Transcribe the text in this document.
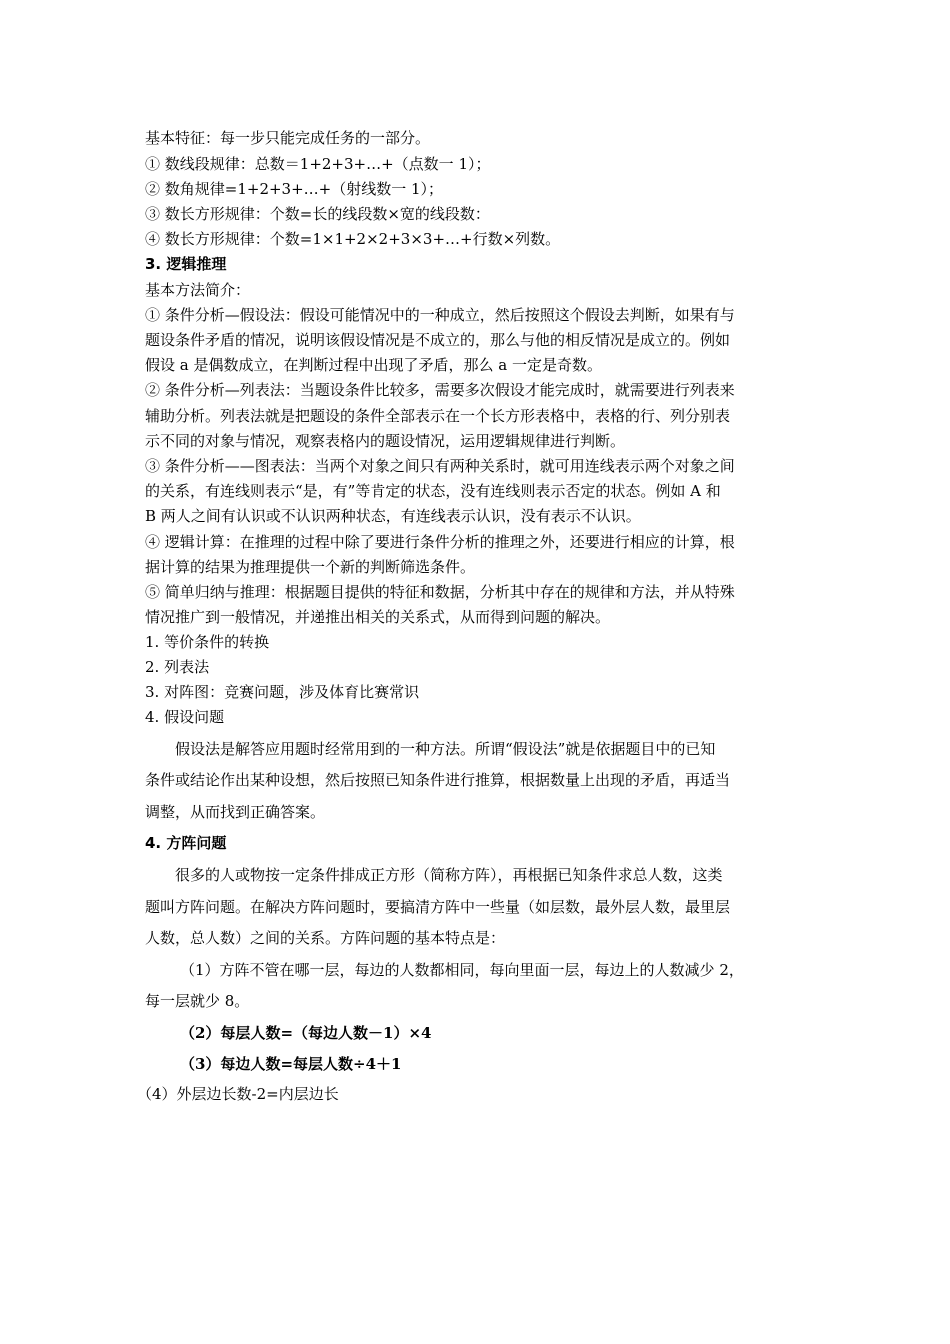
基本特征：每一步只能完成任务的一部分。
① 数线段规律：总数＝1+2+3+…+（点数一 1）；
② 数角规律=1+2+3+…+（射线数一 1）；
③ 数长方形规律：个数=长的线段数×宽的线段数：
④ 数长方形规律：个数=1×1+2×2+3×3+…+行数×列数。
3. 逻辑推理
基本方法简介：
① 条件分析—假设法：假设可能情况中的一种成立，然后按照这个假设去判断，如果有与
题设条件矛盾的情况，说明该假设情况是不成立的，那么与他的相反情况是成立的。例如
假设 a 是偶数成立，在判断过程中出现了矛盾，那么 a 一定是奇数。
② 条件分析—列表法：当题设条件比较多，需要多次假设才能完成时，就需要进行列表来
辅助分析。列表法就是把题设的条件全部表示在一个长方形表格中，表格的行、列分别表
示不同的对象与情况，观察表格内的题设情况，运用逻辑规律进行判断。
③ 条件分析——图表法：当两个对象之间只有两种关系时，就可用连线表示两个对象之间
的关系，有连线则表示“是，有”等肯定的状态，没有连线则表示否定的状态。例如 A 和
B 两人之间有认识或不认识两种状态，有连线表示认识，没有表示不认识。
④ 逻辑计算：在推理的过程中除了要进行条件分析的推理之外，还要进行相应的计算，根
据计算的结果为推理提供一个新的判断筛选条件。
⑤ 简单归纳与推理：根据题目提供的特征和数据，分析其中存在的规律和方法，并从特殊
情况推广到一般情况，并递推出相关的关系式，从而得到问题的解决。
1. 等价条件的转换
2. 列表法
3. 对阵图：竞赛问题，涉及体育比赛常识
4. 假设问题
假设法是解答应用题时经常用到的一种方法。所谓“假设法”就是依据题目中的已知
条件或结论作出某种设想，然后按照已知条件进行推算，根据数量上出现的矛盾，再适当
调整，从而找到正确答案。
4. 方阵问题
很多的人或物按一定条件排成正方形（简称方阵），再根据已知条件求总人数，这类
题叫方阵问题。在解决方阵问题时，要搞清方阵中一些量（如层数，最外层人数，最里层
人数，总人数）之间的关系。方阵问题的基本特点是：
（1）方阵不管在哪一层，每边的人数都相同，每向里面一层，每边上的人数减少 2，
每一层就少 8。
（2）每层人数=（每边人数－1）×4
（3）每边人数=每层人数÷4＋1
（4）外层边长数-2=内层边长
